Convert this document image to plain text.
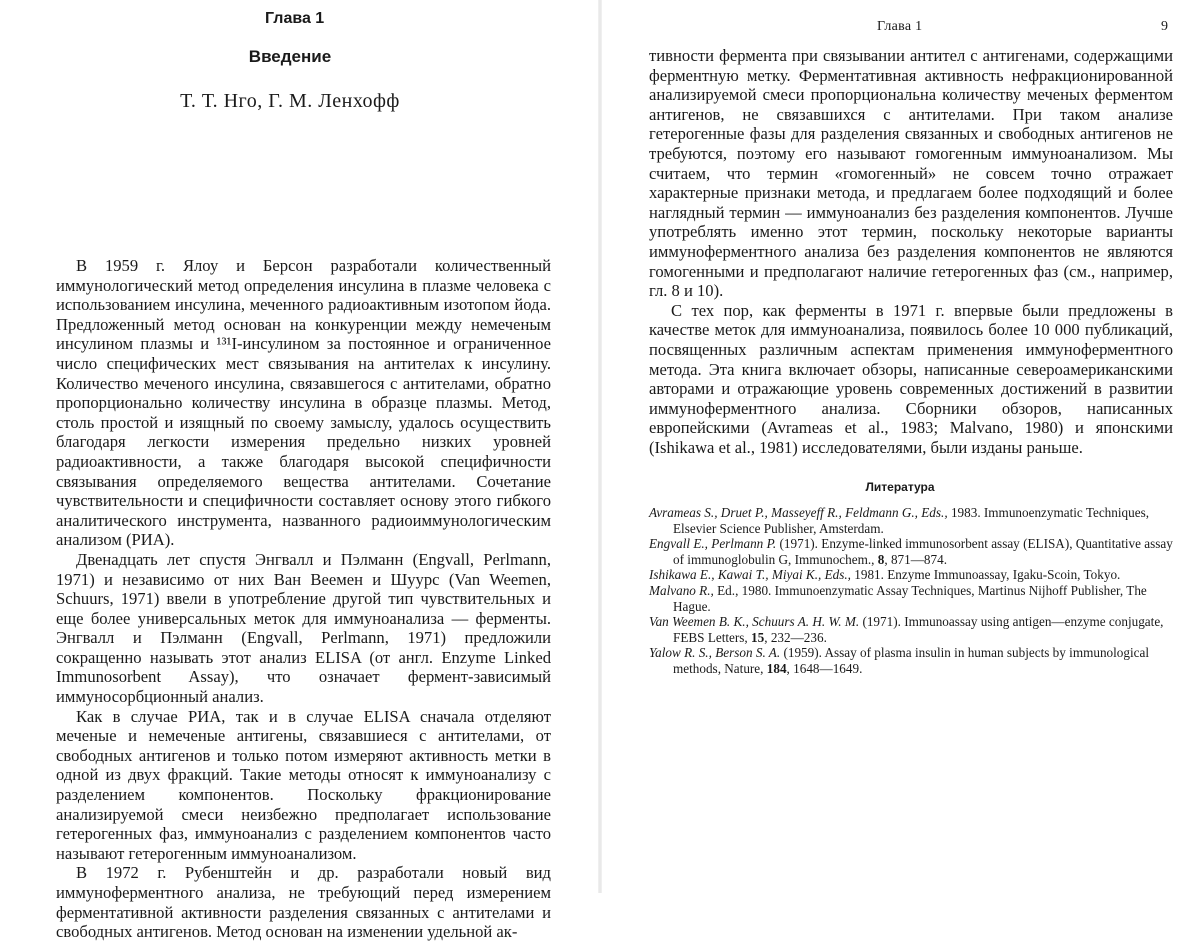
Глава 1
Введение
Т. Т. Нго, Г. М. Ленхофф

В 1959 г. Ялоу и Берсон разработали количественный иммунологический метод определения инсулина в плазме человека с использованием инсулина, меченного радиоактивным изотопом йода. Предложенный метод основан на конкуренции между немеченым инсулином плазмы и ¹³¹I-инсулином за постоянное и ограниченное число специфических мест связывания на антителах к инсулину. Количество меченого инсулина, связавшегося с антителами, обратно пропорционально количеству инсулина в образце плазмы. Метод, столь простой и изящный по своему замыслу, удалось осуществить благодаря легкости измерения предельно низких уровней радиоактивности, а также благодаря высокой специфичности связывания определяемого вещества антителами. Сочетание чувствительности и специфичности составляет основу этого гибкого аналитического инструмента, названного радиоиммунологическим анализом (РИА).

Двенадцать лет спустя Энгвалл и Пэлманн (Engvall, Perlmann, 1971) и независимо от них Ван Веемен и Шуурс (Van Weemen, Schuurs, 1971) ввели в употребление другой тип чувствительных и еще более универсальных меток для иммуноанализа — ферменты. Энгвалл и Пэлманн (Engvall, Perlmann, 1971) предложили сокращенно называть этот анализ ELISA (от англ. Enzyme Linked Immunosorbent Assay), что означает фермент-зависимый иммуносорбционный анализ.

Как в случае РИА, так и в случае ELISA сначала отделяют меченые и немеченые антигены, связавшиеся с антителами, от свободных антигенов и только потом измеряют активность метки в одной из двух фракций. Такие методы относят к иммуноанализу с разделением компонентов. Поскольку фракционирование анализируемой смеси неизбежно предполагает использование гетерогенных фаз, иммуноанализ с разделением компонентов часто называют гетерогенным иммуноанализом.

В 1972 г. Рубенштейн и др. разработали новый вид иммуноферментного анализа, не требующий перед измерением ферментативной активности разделения связанных с антителами и свободных антигенов. Метод основан на изменении удельной ак-

Глава 1	9

тивности фермента при связывании антител с антигенами, содержащими ферментную метку. Ферментативная активность нефракционированной анализируемой смеси пропорциональна количеству меченых ферментом антигенов, не связавшихся с антителами. При таком анализе гетерогенные фазы для разделения связанных и свободных антигенов не требуются, поэтому его называют гомогенным иммуноанализом. Мы считаем, что термин «гомогенный» не совсем точно отражает характерные признаки метода, и предлагаем более подходящий и более наглядный термин — иммуноанализ без разделения компонентов. Лучше употреблять именно этот термин, поскольку некоторые варианты иммуноферментного анализа без разделения компонентов не являются гомогенными и предполагают наличие гетерогенных фаз (см., например, гл. 8 и 10).

С тех пор, как ферменты в 1971 г. впервые были предложены в качестве меток для иммуноанализа, появилось более 10 000 публикаций, посвященных различным аспектам применения иммуноферментного метода. Эта книга включает обзоры, написанные североамериканскими авторами и отражающие уровень современных достижений в развитии иммуноферментного анализа. Сборники обзоров, написанных европейскими (Avrameas et al., 1983; Malvano, 1980) и японскими (Ishikawa et al., 1981) исследователями, были изданы раньше.

Литература

Avrameas S., Druet P., Masseyeff R., Feldmann G., Eds., 1983. Immunoenzymatic Techniques, Elsevier Science Publisher, Amsterdam.

Engvall E., Perlmann P. (1971). Enzyme-linked immunosorbent assay (ELISA), Quantitative assay of immunoglobulin G, Immunochem., 8, 871—874.

Ishikawa E., Kawai T., Miyai K., Eds., 1981. Enzyme Immunoassay, Igaku-Scoin, Tokyo.

Malvano R., Ed., 1980. Immunoenzymatic Assay Techniques, Martinus Nijhoff Publisher, The Hague.

Van Weemen B. K., Schuurs A. H. W. M. (1971). Immunoassay using antigen—enzyme conjugate, FEBS Letters, 15, 232—236.

Yalow R. S., Berson S. A. (1959). Assay of plasma insulin in human subjects by immunological methods, Nature, 184, 1648—1649.
